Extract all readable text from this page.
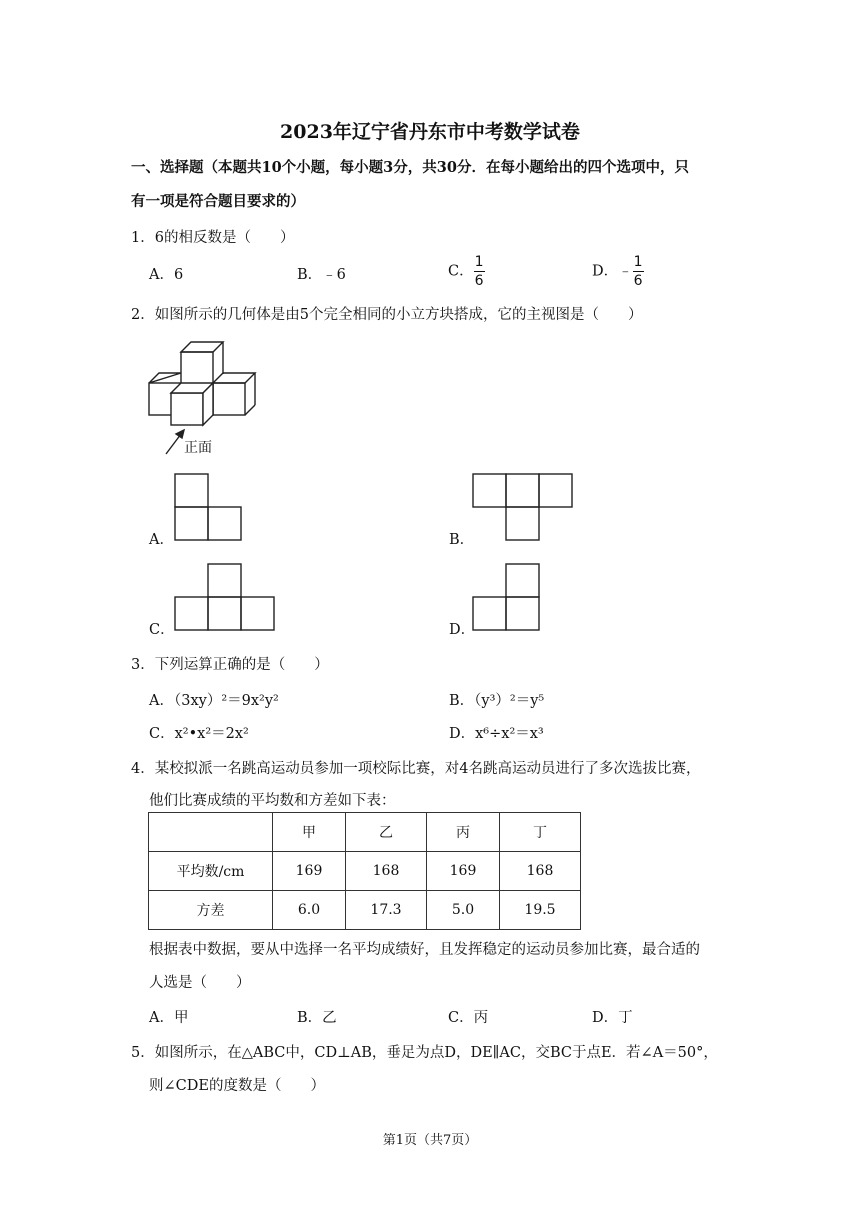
2023年辽宁省丹东市中考数学试卷
一、选择题（本题共10个小题，每小题3分，共30分．在每小题给出的四个选项中，只
有一项是符合题目要求的）
1．6的相反数是（　　）
A．6	B．﹣6	C． $\frac{1}{6}$	D．﹣ $\frac{1}{6}$
2．如图所示的几何体是由5个完全相同的小立方块搭成，它的主视图是（　　）
正面
A．	B．
C．	D．
3．下列运算正确的是（　　）
A．（3xy）²＝9x²y²	B．（y³）²＝y⁵
C．x²•x²＝2x²	D．x⁶÷x²＝x³
4．某校拟派一名跳高运动员参加一项校际比赛，对4名跳高运动员进行了多次选拔比赛，
他们比赛成绩的平均数和方差如下表：
	甲	乙	丙	丁
平均数/cm	169	168	169	168
方差	6.0	17.3	5.0	19.5
根据表中数据，要从中选择一名平均成绩好，且发挥稳定的运动员参加比赛，最合适的
人选是（　　）
A．甲	B．乙	C．丙	D．丁
5．如图所示，在△ABC中，CD⊥AB，垂足为点D，DE∥AC，交BC于点E．若∠A＝50°，
则∠CDE的度数是（　　）
第1页（共7页）
